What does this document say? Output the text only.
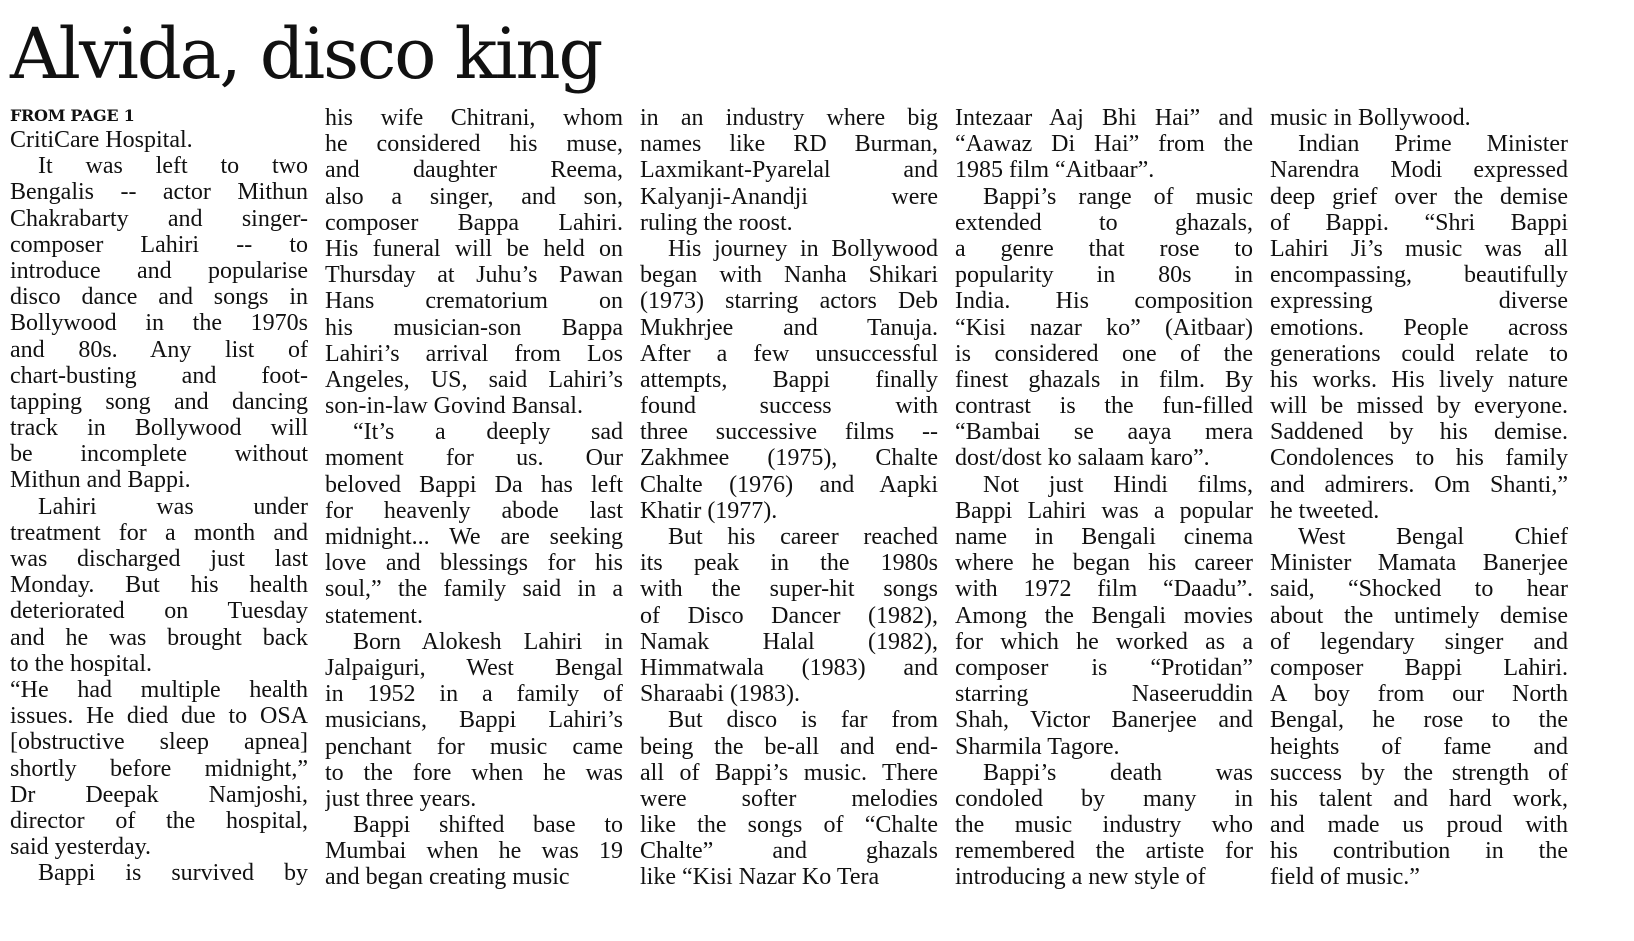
Alvida, disco king
FROM PAGE 1
CritiCare Hospital.
It was left to two
Bengalis -- actor Mithun
Chakrabarty and singer-
composer Lahiri -- to
introduce and popularise
disco dance and songs in
Bollywood in the 1970s
and 80s. Any list of
chart-busting and foot-
tapping song and dancing
track in Bollywood will
be incomplete without
Mithun and Bappi.
Lahiri was under
treatment for a month and
was discharged just last
Monday. But his health
deteriorated on Tuesday
and he was brought back
to the hospital.
“He had multiple health
issues. He died due to OSA
[obstructive sleep apnea]
shortly before midnight,”
Dr Deepak Namjoshi,
director of the hospital,
said yesterday.
Bappi is survived by
his wife Chitrani, whom
he considered his muse,
and daughter Reema,
also a singer, and son,
composer Bappa Lahiri.
His funeral will be held on
Thursday at Juhu’s Pawan
Hans crematorium on
his musician-son Bappa
Lahiri’s arrival from Los
Angeles, US, said Lahiri’s
son-in-law Govind Bansal.
“It’s a deeply sad
moment for us. Our
beloved Bappi Da has left
for heavenly abode last
midnight... We are seeking
love and blessings for his
soul,” the family said in a
statement.
Born Alokesh Lahiri in
Jalpaiguri, West Bengal
in 1952 in a family of
musicians, Bappi Lahiri’s
penchant for music came
to the fore when he was
just three years.
Bappi shifted base to
Mumbai when he was 19
and began creating music
in an industry where big
names like RD Burman,
Laxmikant-Pyarelal and
Kalyanji-Anandji were
ruling the roost.
His journey in Bollywood
began with Nanha Shikari
(1973) starring actors Deb
Mukhrjee and Tanuja.
After a few unsuccessful
attempts, Bappi finally
found success with
three successive films --
Zakhmee (1975), Chalte
Chalte (1976) and Aapki
Khatir (1977).
But his career reached
its peak in the 1980s
with the super-hit songs
of Disco Dancer (1982),
Namak Halal (1982),
Himmatwala (1983) and
Sharaabi (1983).
But disco is far from
being the be-all and end-
all of Bappi’s music. There
were softer melodies
like the songs of “Chalte
Chalte” and ghazals
like “Kisi Nazar Ko Tera
Intezaar Aaj Bhi Hai” and
“Aawaz Di Hai” from the
1985 film “Aitbaar”.
Bappi’s range of music
extended to ghazals,
a genre that rose to
popularity in 80s in
India. His composition
“Kisi nazar ko” (Aitbaar)
is considered one of the
finest ghazals in film. By
contrast is the fun-filled
“Bambai se aaya mera
dost/dost ko salaam karo”.
Not just Hindi films,
Bappi Lahiri was a popular
name in Bengali cinema
where he began his career
with 1972 film “Daadu”.
Among the Bengali movies
for which he worked as a
composer is “Protidan”
starring Naseeruddin
Shah, Victor Banerjee and
Sharmila Tagore.
Bappi’s death was
condoled by many in
the music industry who
remembered the artiste for
introducing a new style of
music in Bollywood.
Indian Prime Minister
Narendra Modi expressed
deep grief over the demise
of Bappi. “Shri Bappi
Lahiri Ji’s music was all
encompassing, beautifully
expressing diverse
emotions. People across
generations could relate to
his works. His lively nature
will be missed by everyone.
Saddened by his demise.
Condolences to his family
and admirers. Om Shanti,”
he tweeted.
West Bengal Chief
Minister Mamata Banerjee
said, “Shocked to hear
about the untimely demise
of legendary singer and
composer Bappi Lahiri.
A boy from our North
Bengal, he rose to the
heights of fame and
success by the strength of
his talent and hard work,
and made us proud with
his contribution in the
field of music.”
